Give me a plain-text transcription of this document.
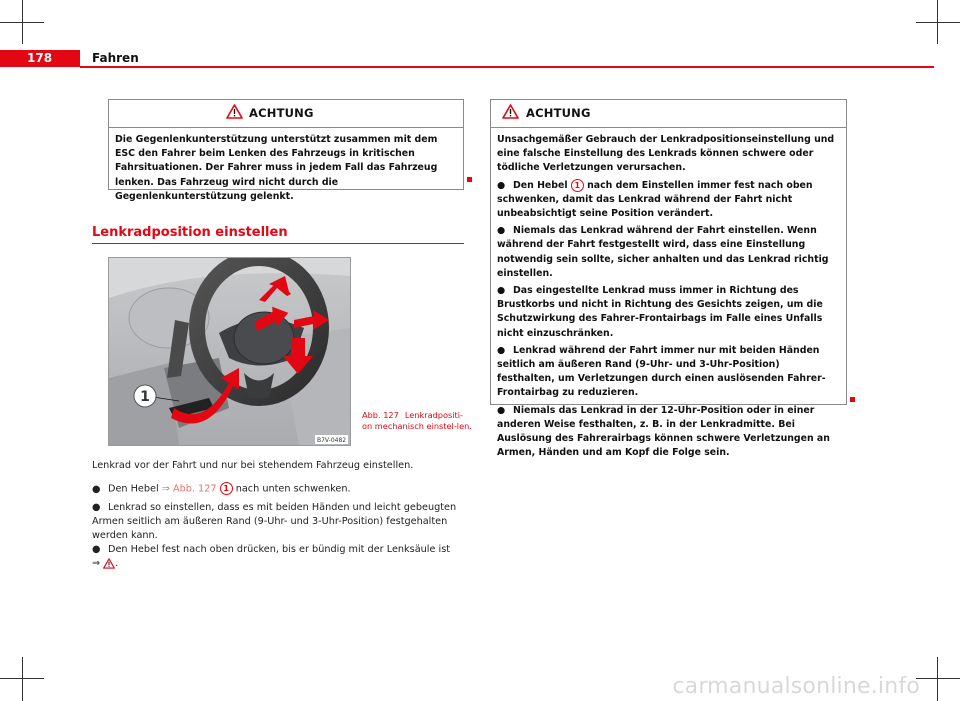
178	Fahren
ACHTUNG

Die Gegenlenkunterstützung unterstützt zusammen mit dem ESC den Fahrer beim Lenken des Fahrzeugs in kritischen Fahrsituationen. Der Fahrer muss in jedem Fall das Fahrzeug lenken. Das Fahrzeug wird nicht durch die Gegenlenkunterstützung gelenkt.

Lenkradposition einstellen
1
B7V-0482
Abb. 127 Lenkradpositi-on mechanisch einstel-len.

Lenkrad vor der Fahrt und nur bei stehendem Fahrzeug einstellen.

● Den Hebel ⇒ Abb. 127 1 nach unten schwenken.

● Lenkrad so einstellen, dass es mit beiden Händen und leicht gebeugten Armen seitlich am äußeren Rand (9-Uhr- und 3-Uhr-Position) festgehalten werden kann.

● Den Hebel fest nach oben drücken, bis er bündig mit der Lenksäule ist
⇒ .

ACHTUNG

Unsachgemäßer Gebrauch der Lenkradpositionseinstellung und eine falsche Einstellung des Lenkrads können schwere oder tödliche Verletzungen verursachen.

● Den Hebel 1 nach dem Einstellen immer fest nach oben schwenken, damit das Lenkrad während der Fahrt nicht unbeabsichtigt seine Position verändert.

● Niemals das Lenkrad während der Fahrt einstellen. Wenn während der Fahrt festgestellt wird, dass eine Einstellung notwendig sein sollte, sicher anhalten und das Lenkrad richtig einstellen.

● Das eingestellte Lenkrad muss immer in Richtung des Brustkorbs und nicht in Richtung des Gesichts zeigen, um die Schutzwirkung des Fahrer-Frontairbags im Falle eines Unfalls nicht einzuschränken.

● Lenkrad während der Fahrt immer nur mit beiden Händen seitlich am äußeren Rand (9-Uhr- und 3-Uhr-Position) festhalten, um Verletzungen durch einen auslösenden Fahrer-Frontairbag zu reduzieren.

● Niemals das Lenkrad in der 12-Uhr-Position oder in einer anderen Weise festhalten, z. B. in der Lenkradmitte. Bei Auslösung des Fahrerairbags können schwere Verletzungen an Armen, Händen und am Kopf die Folge sein.

carmanualsonline.info
